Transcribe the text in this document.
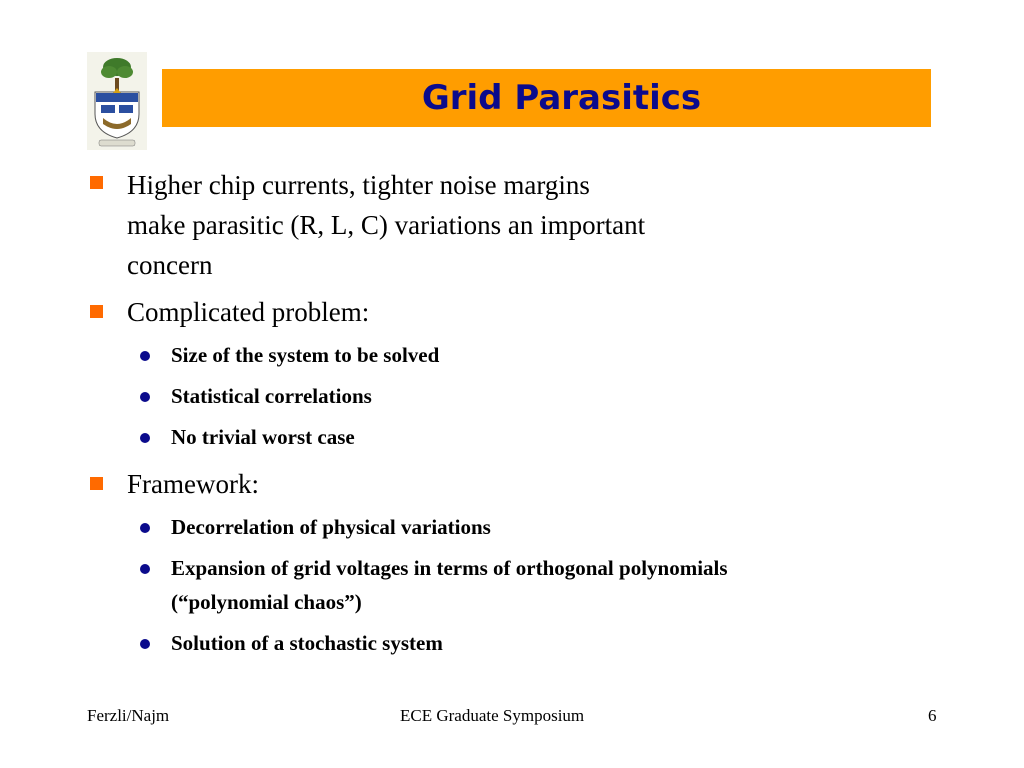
Grid Parasitics
Higher chip currents, tighter noise margins
make parasitic (R, L, C) variations an important
concern
Complicated problem:
Size of the system to be solved
Statistical correlations
No trivial worst case
Framework:
Decorrelation of physical variations
Expansion of grid voltages in terms of orthogonal polynomials
(“polynomial chaos”)
Solution of a stochastic system
Ferzli/Najm	ECE Graduate Symposium	6
